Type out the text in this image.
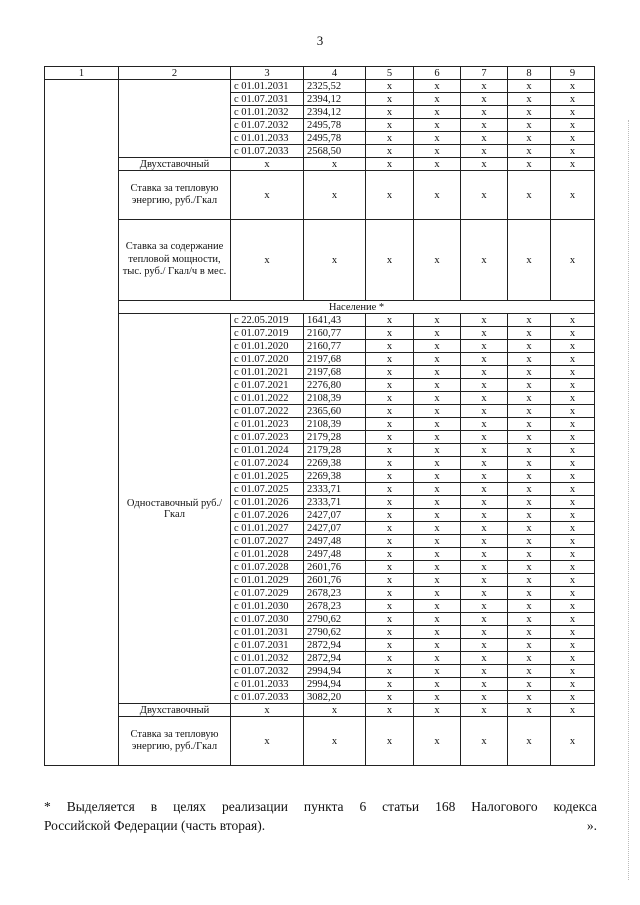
3
1	2	3	4	5	6	7	8	9
		с 01.01.2031	2325,52	x	x	x	x	x
		с 01.07.2031	2394,12	x	x	x	x	x
		с 01.01.2032	2394,12	x	x	x	x	x
		с 01.07.2032	2495,78	x	x	x	x	x
		с 01.01.2033	2495,78	x	x	x	x	x
		с 01.07.2033	2568,50	x	x	x	x	x
	Двухставочный	x	x	x	x	x	x	x
	Ставка за тепловую энергию, руб./Гкал	x	x	x	x	x	x	x
	Ставка за содержание тепловой мощности, тыс. руб./ Гкал/ч в мес.	x	x	x	x	x	x	x
	Население *							
	Одноставочный руб./Гкал	с 22.05.2019	1641,43	x	x	x	x	x
		с 01.07.2019	2160,77	x	x	x	x	x
		с 01.01.2020	2160,77	x	x	x	x	x
		с 01.07.2020	2197,68	x	x	x	x	x
		с 01.01.2021	2197,68	x	x	x	x	x
		с 01.07.2021	2276,80	x	x	x	x	x
		с 01.01.2022	2108,39	x	x	x	x	x
		с 01.07.2022	2365,60	x	x	x	x	x
		с 01.01.2023	2108,39	x	x	x	x	x
		с 01.07.2023	2179,28	x	x	x	x	x
		с 01.01.2024	2179,28	x	x	x	x	x
		с 01.07.2024	2269,38	x	x	x	x	x
		с 01.01.2025	2269,38	x	x	x	x	x
		с 01.07.2025	2333,71	x	x	x	x	x
		с 01.01.2026	2333,71	x	x	x	x	x
		с 01.07.2026	2427,07	x	x	x	x	x
		с 01.01.2027	2427,07	x	x	x	x	x
		с 01.07.2027	2497,48	x	x	x	x	x
		с 01.01.2028	2497,48	x	x	x	x	x
		с 01.07.2028	2601,76	x	x	x	x	x
		с 01.01.2029	2601,76	x	x	x	x	x
		с 01.07.2029	2678,23	x	x	x	x	x
		с 01.01.2030	2678,23	x	x	x	x	x
		с 01.07.2030	2790,62	x	x	x	x	x
		с 01.01.2031	2790,62	x	x	x	x	x
		с 01.07.2031	2872,94	x	x	x	x	x
		с 01.01.2032	2872,94	x	x	x	x	x
		с 01.07.2032	2994,94	x	x	x	x	x
		с 01.01.2033	2994,94	x	x	x	x	x
		с 01.07.2033	3082,20	x	x	x	x	x
	Двухставочный	x	x	x	x	x	x	x
	Ставка за тепловую энергию, руб./Гкал	x	x	x	x	x	x	x
* Выделяется в целях реализации пункта 6 статьи 168 Налогового кодекса
Российской Федерации (часть вторая).	».
